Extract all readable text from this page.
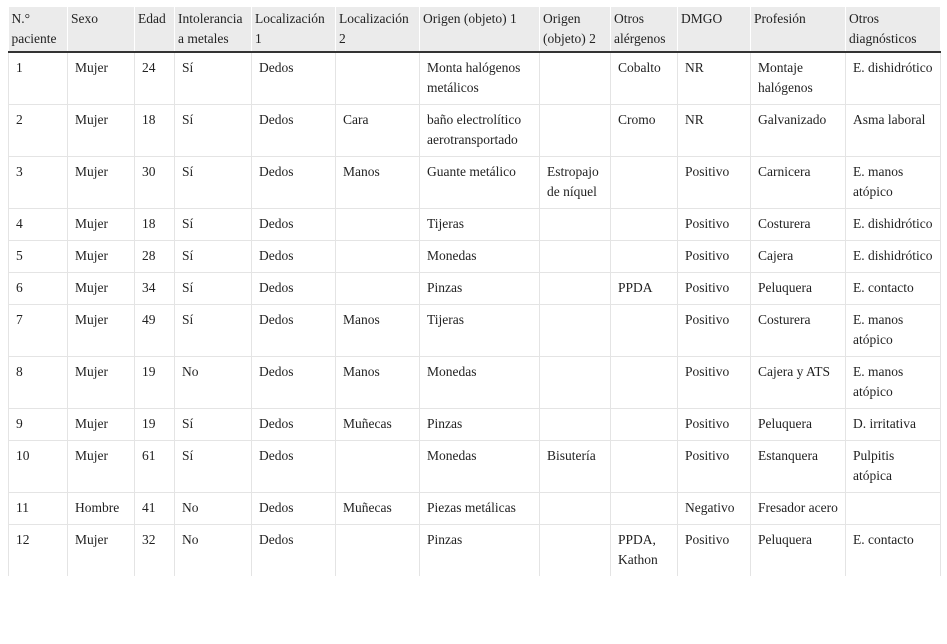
N.° paciente	Sexo	Edad	Intolerancia a metales	Localización 1	Localización 2	Origen (objeto) 1	Origen (objeto) 2	Otros alérgenos	DMGO	Profesión	Otros diagnósticos
1	Mujer	24	Sí	Dedos		Monta halógenos metálicos		Cobalto	NR	Montaje halógenos	E. dishidrótico
2	Mujer	18	Sí	Dedos	Cara	baño electrolítico aerotransportado		Cromo	NR	Galvanizado	Asma laboral
3	Mujer	30	Sí	Dedos	Manos	Guante metálico	Estropajo de níquel		Positivo	Carnicera	E. manos atópico
4	Mujer	18	Sí	Dedos		Tijeras			Positivo	Costurera	E. dishidrótico
5	Mujer	28	Sí	Dedos		Monedas			Positivo	Cajera	E. dishidrótico
6	Mujer	34	Sí	Dedos		Pinzas		PPDA	Positivo	Peluquera	E. contacto
7	Mujer	49	Sí	Dedos	Manos	Tijeras			Positivo	Costurera	E. manos atópico
8	Mujer	19	No	Dedos	Manos	Monedas			Positivo	Cajera y ATS	E. manos atópico
9	Mujer	19	Sí	Dedos	Muñecas	Pinzas			Positivo	Peluquera	D. irritativa
10	Mujer	61	Sí	Dedos		Monedas	Bisutería		Positivo	Estanquera	Pulpitis atópica
11	Hombre	41	No	Dedos	Muñecas	Piezas metálicas			Negativo	Fresador acero	
12	Mujer	32	No	Dedos		Pinzas		PPDA, Kathon	Positivo	Peluquera	E. contacto
